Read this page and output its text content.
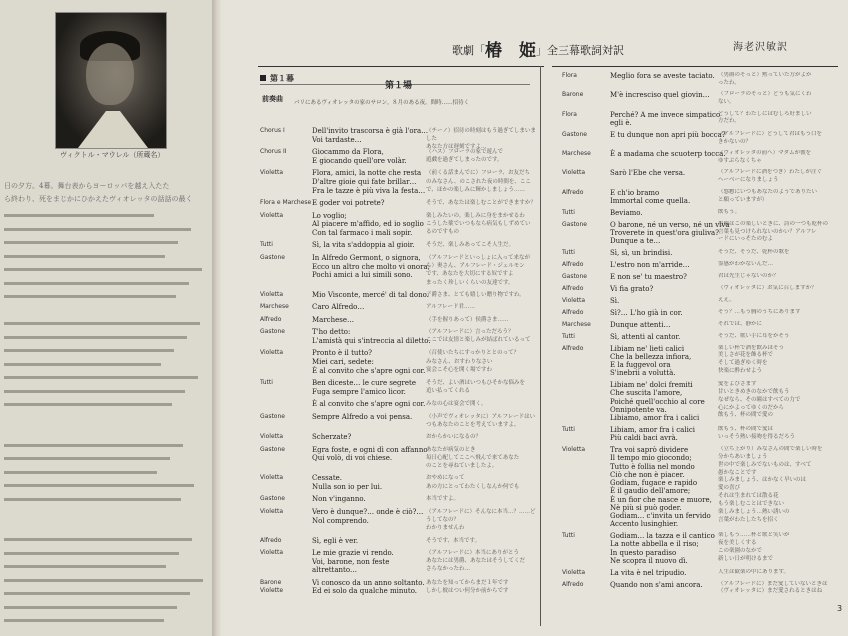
ヴィクトル・マウレル（所蔵名）
日の夕方。4幕。舞台表からヨーロッパを越え入たた
ら終わり、死をまじかにひかえたヴィオレッタの話話の最く
歌劇「椿　姫」全三幕歌詞対訳	海老沢敏訳
第１幕
第１場
前奏曲 パリにあるヴィオレッタの家のサロン。８月のある夜。間時……招待く
Chorus I	Dell'invito trascorsa è già l'ora…
Voi tardaste…
（チーノ）招待の時刻はもう過ぎてしまいました
あなた方は遅刻ですよ…
Chorus II	Giocammo da Flora,
E giocando quell'ore volàr.
（ハス）フローラの家で遊んで
遊戯を過ぎてしまったのです。
Violetta	Flora, amici, la notte che resta
D'altre gioie qui fate brillar…
Fra le tazze è più viva la festa…
（前くる話まんでに）フローラ、お友だち
のみなさん、のこされた夜の時間を、ここ
で、ほかの楽しみに輝かしましょう……
Flora e Marchese E goder voi potrete?	そうで、あなたは楽しむことができますか？
Violetta	Lo voglio;
Al piacere m'affido, ed io soglio
Con tal farmaco i mali sopir.
楽しみたいの。楽しみに身をまかせるわ
こうした薬でいつもなら病気もしずめてい
るのですもの
Tutti	Sì, la vita s'addoppia al gioir.	そうだ、楽しみあってこそ人生だ。
Gastone	In Alfredo Germont, o signora,
Ecco un altro che molto vi onora;
Pochi amici a lui simili sono.
（アルフレードといっしょに入って来なが
ら）奥さん、アルフレード・ジェルモン
です、あなたを大切にする奴ですよ
まったく珍しいくらいの友達です。
Violetta	Mio Visconte, mercé' di tal dono.
子爵さま、とても嬉しい贈り物ですわ。
Marchese	Caro Alfredo…	アルフレード君……
Alfredo	Marchese…	（手を握りあって）侯爵さま……
Gastone	T'ho detto:
L'amistà qui s'intreccia al diletto.
（アルフレードに）言っただろう？
ここでは友情と楽しみが結ばれているって
Violetta	Pronto è il tutto?
Miei cari, sedete:
È al convito che s'apre ogni cor.
（召使いたちにすっかりととのって？
みなさん、おすわりなさい
宴会こそ心を開く場ですわ
Tutti	Ben diceste… le cure segrete
Fuga sempre l'amico licor.
そうだ、よい酒はいつもひそかな悩みを
追い払ってくれる
È al convito che s'apre ogni cor. みなの心は宴会で開く。
Gastone	Sempre Alfredo a voi pensa.	（小声でヴィオレッタに）アルフレードはい
つもあなたのことを考えていますよ。
Violetta	Scherzate?	おからかいになるの？
Gastone	Egra foste, e ogni dì con affanno
Qui volò, di voi chiese.
あなたが病気のとき
毎日心配してここへ飛んで来てあなた
のことを尋ねていましたよ。
Violetta	Cessate.
Nulla son io per lui.
おやめになって
あの方にとってわたくしなんか何でも
Gastone	Non v'inganno.	本当ですよ。
Violetta	Vero è dunque?… onde è ciò?…
Nol comprendo.
（アルフレードに）そんなに本当…？……ど
うしてなの？
わかりませんわ
Alfredo	Sì, egli è ver.	そうです、本当です。
Violetta	Le mie grazie vi rendo.
Voi, barone, non feste
altrettanto…
（アルフレードに）本当にありがとう
あなたには男爵、あなたはそうしてくだ
さらなかったわ…
Barone
Violette
Vi conosco da un anno soltanto.
Ed ei solo da qualche minuto.
あなたを知ってからまだ１年です
しかし彼はつい何分か前からです
Flora	Meglio fora se aveste taciato. （男爵のそっと）黙っていた方がよか
ったわ。
Barone	M'è incresciso quel giovin…	（フローラのそっと）どうも気にくわ
ない。
Flora	Perché? A me invece simpatico
egli è.
どうして？わたしにはむしろ好ましい
方だわ。
Gastone	E tu dunque non apri più bocca?
（アルフレードに）どうして君はもう口を
きかないの？
Marchese	È a madama che scuoterp tocca.
（ヴィオレッタの前へ）マダムが彼を
ゆすぶらなくちゃ
Violetta	Sarò l'Ebe che versa.	（アルフレードに酒をつぎ）わたしが注ぐ
へーべーになりましょう
Alfredo	E ch'io bramo
Immortal come quella.
（慇懃にいつもあなたのようでありたい
と願っていますが）
Tutti	Beviamo.	飲もう。
Gastone	O barone, né un verso, né un viva
Troverete in quest'ora giuliva?
Dunque a te…
男爵はこの楽しいときに、詩の一つも乾杯の
言葉も見つけられないのかい？アルフレ
ードにいっそたのむよ
Tutti	Sì, sì, un brindisi.	そうだ、そうだ、乾杯の歌を
Alfredo	L'estro non m'arride…	霊感がわかないんだ…
Gastone	E non se' tu maestro?	君は先生じゃないのか？
Alfredo	Vi fia grato?	（ヴィオレッタに）お気に召しますか？
Violetta	Sì.	ええ。
Alfredo	Sì?… L'ho già in cor.	そう？…もう胸のうちにあります
Marchese	Dunque attenti…	それでは、静かに
Tutti	Sì, attenti al cantor.	そうだ、歌い手に耳をかそう
Alfredo	Libiam ne' lieti calici
Che la bellezza infiora,
E la fuggevol ora
S'inebrii a voluttà.
楽しい杯で酒を飲みほそう
美しさが花を飾る杯で
そして過ぎゆく時を
快楽に酔わせよう
Libiam ne' dolci fremiti
Che suscita l'amore,
Poiché quell'occhio al core
Onnipotente va.
Libiamo, amor fra i calici
愛をよびさます
甘いときめきのなかで飲もう
なぜなら、その瞳はすべての力で
心にかよってゆくのだから
飲もう、杯の間で愛の
Tutti	Libiam, amor fra i calici
Più caldi baci avrà.
飲もう、杯の間で愛は
いっそう熱い接吻を得るだろう
Violetta	Tra voi saprò dividere
Il tempo mio giocondo;
Tutto è follia nel mondo
Ciò che non è piacer.
Godiam, fugace e rapido
È il gaudio dell'amore;
È un fior che nasce e muore,
Nè più si può goder.
Godiam… c'invita un fervido
Accento lusinghier.
（立ち上がり）みなさんの間で楽しい時を
分かちあいましょう
世の中で楽しみでないものは、すべて
愚かなことです
楽しみましょう、はかなく早いのは
愛の喜び
それは生まれては散る花
もう楽しむことはできない
楽しみましょう…熱い誘いの
言葉がわたしたちを招く
Tutti	Godiam… la tazza e il cantico
La notte abbella e il riso;
In questo paradiso
Ne scopra il nuovo dì.
楽しもう……杯と歌と笑いが
夜を美しくする
この楽園のなかで
新しい日が明けるまで
Violetta	La vita è nel tripudio.	人生は歓楽の中にあります。
Alfredo	Quando non s'ami ancora.	（アルフレードに）まだ愛していないときは
（ヴィオレッタに）まだ愛されるときはね
3
